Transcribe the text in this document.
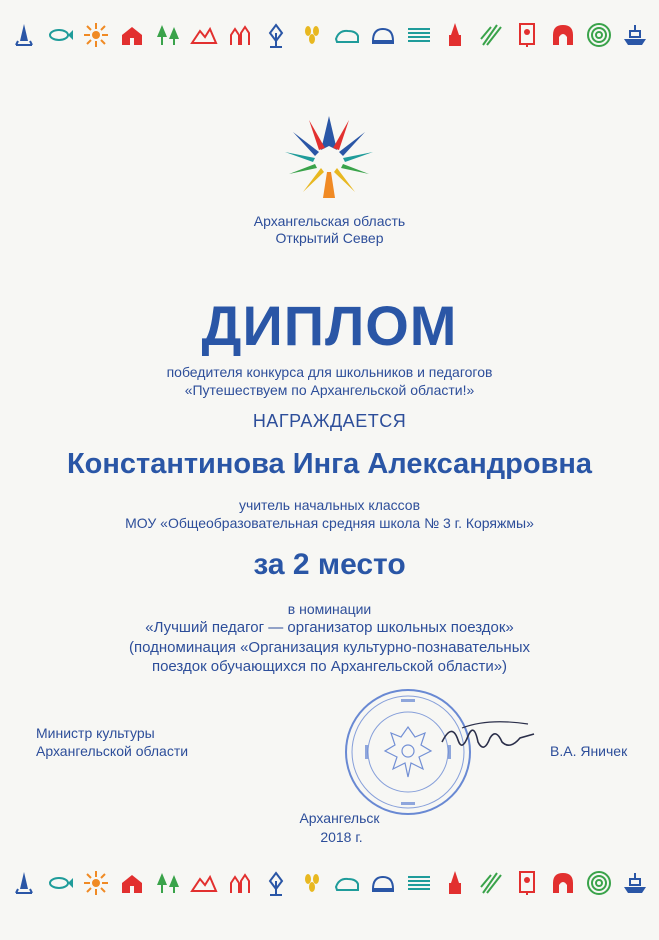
Архангельская область
Открытий Север
ДИПЛОМ
победителя конкурса для школьников и педагогов
«Путешествуем по Архангельской области!»
НАГРАЖДАЕТСЯ
Константинова Инга Александровна
учитель начальных классов
МОУ «Общеобразовательная средняя школа № 3 г. Коряжмы»
за 2 место
в номинации
«Лучший педагог — организатор школьных поездок»
(подноминация «Организация культурно-познавательных
поездок обучающихся по Архангельской области»)
Министр культуры
Архангельской области	В.А. Яничек
Архангельск
2018 г.
